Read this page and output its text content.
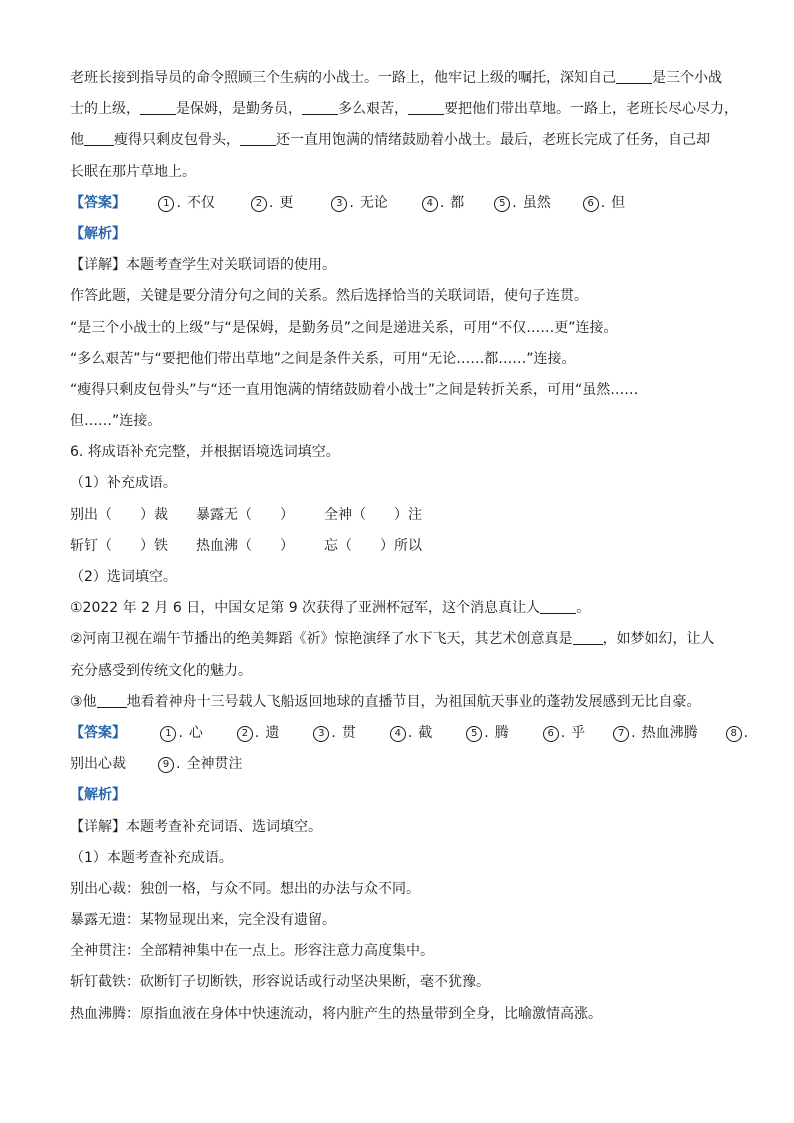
老班长接到指导员的命令照顾三个生病的小战士。一路上，他牢记上级的嘱托，深知自己	是三个小战
士的上级，	是保姆，是勤务员，	多么艰苦，	要把他们带出草地。一路上，老班长尽心尽力，
他 瘦得只剩皮包骨头，	还一直用饱满的情绪鼓励着小战士。最后，老班长完成了任务，自己却
长眠在那片草地上。
【答案】	1 . 不仅	2 . 更	3 . 无论	4 . 都	5 . 虽然	6 . 但
【解析】
【详解】本题考查学生对关联词语的使用。
作答此题，关键是要分清分句之间的关系。然后选择恰当的关联词语，使句子连贯。
“是三个小战士的上级”与“是保姆，是勤务员”之间是递进关系，可用“不仅……更”连接。
“多么艰苦”与“要把他们带出草地”之间是条件关系，可用“无论……都……”连接。
“瘦得只剩皮包骨头”与“还一直用饱满的情绪鼓励着小战士”之间是转折关系，可用“虽然……
但……”连接。
6. 将成语补充完整，并根据语境选词填空。
（1）补充成语。
别出（　　）裁 暴露无（　　） 全神（　　）注
斩钉（　　）铁 热血沸（　　） 忘（　　）所以
（2）选词填空。
①2022 年 2 月 6 日，中国女足第 9 次获得了亚洲杯冠军，这个消息真让人	。
②河南卫视在端午节播出的绝美舞蹈《祈》惊艳演绎了水下飞天，其艺术创意真是 ，如梦如幻，让人
充分感受到传统文化的魅力。
③他 地看着神舟十三号载人飞船返回地球的直播节目，为祖国航天事业的蓬勃发展感到无比自豪。
【答案】	1 . 心	2 . 遗	3 . 贯	4 . 截	5 . 腾	6 . 乎	7 . 热血沸腾	8 .
别出心裁	9 . 全神贯注
【解析】
【详解】本题考查补充词语、选词填空。
（1）本题考查补充成语。
别出心裁：独创一格，与众不同。想出的办法与众不同。
暴露无遗：某物显现出来，完全没有遗留。
全神贯注：全部精神集中在一点上。形容注意力高度集中。
斩钉截铁：砍断钉子切断铁，形容说话或行动坚决果断，毫不犹豫。
热血沸腾：原指血液在身体中快速流动，将内脏产生的热量带到全身，比喻激情高涨。
